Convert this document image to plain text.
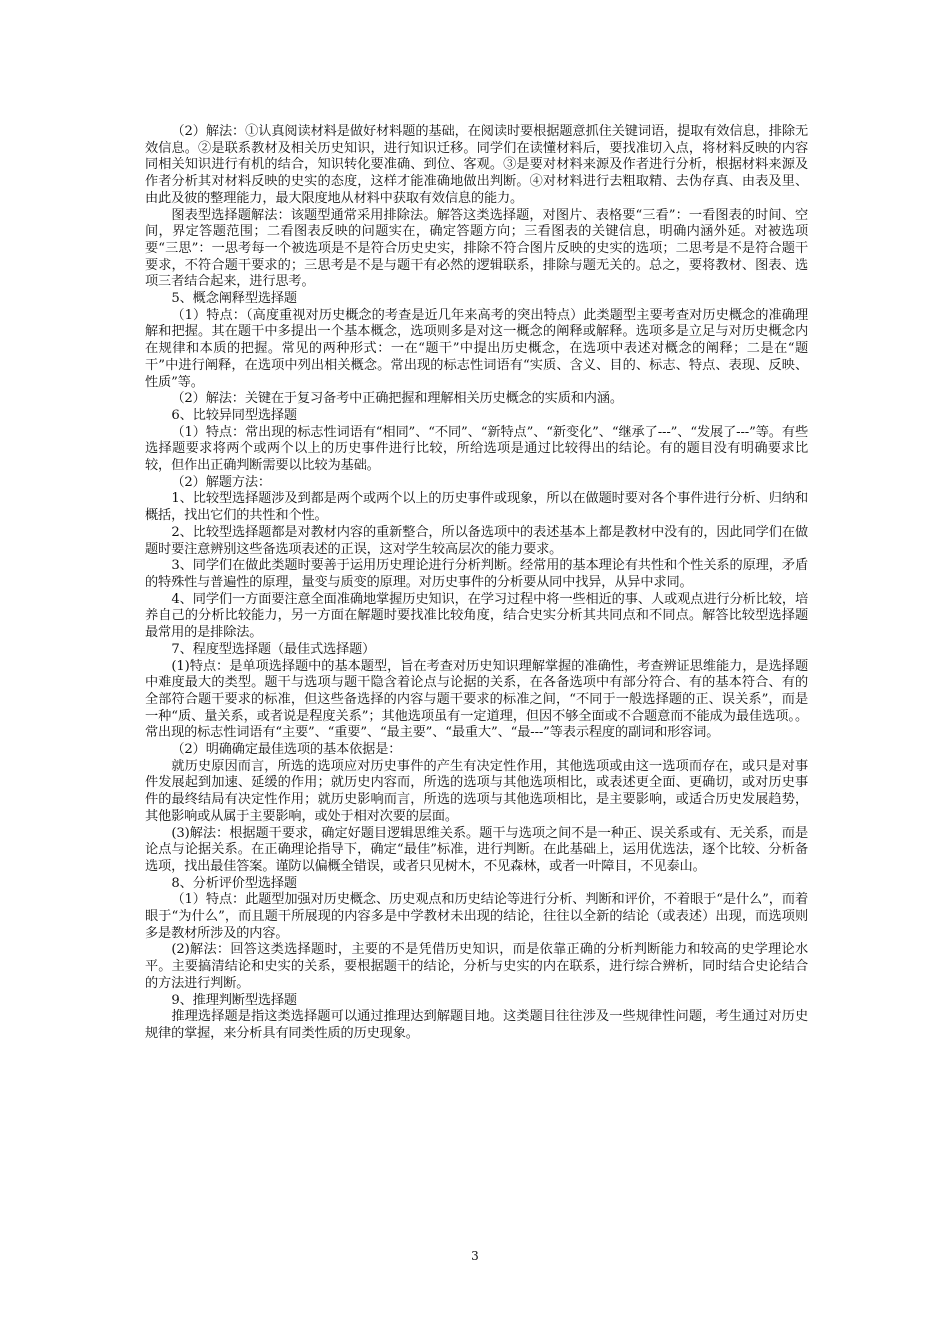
（2）解法：①认真阅读材料是做好材料题的基础，在阅读时要根据题意抓住关键词语，提取有效信息，排除无效信息。②是联系教材及相关历史知识，进行知识迁移。同学们在读懂材料后，要找准切入点，将材料反映的内容同相关知识进行有机的结合，知识转化要准确、到位、客观。③是要对材料来源及作者进行分析，根据材料来源及作者分析其对材料反映的史实的态度，这样才能准确地做出判断。④对材料进行去粗取精、去伪存真、由表及里、由此及彼的整理能力，最大限度地从材料中获取有效信息的能力。

图表型选择题解法：该题型通常采用排除法。解答这类选择题，对图片、表格要“三看”：一看图表的时间、空间，界定答题范围；二看图表反映的问题实在，确定答题方向；三看图表的关键信息，明确内涵外延。对被选项要“三思”：一思考每一个被选项是不是符合历史史实，排除不符合图片反映的史实的选项；二思考是不是符合题干要求，不符合题干要求的；三思考是不是与题干有必然的逻辑联系，排除与题无关的。总之，要将教材、图表、选项三者结合起来，进行思考。

5、概念阐释型选择题

（1）特点：（高度重视对历史概念的考查是近几年来高考的突出特点）此类题型主要考查对历史概念的准确理解和把握。其在题干中多提出一个基本概念，选项则多是对这一概念的阐释或解释。选项多是立足与对历史概念内在规律和本质的把握。常见的两种形式：一在“题干”中提出历史概念，在选项中表述对概念的阐释；二是在“题干”中进行阐释，在选项中列出相关概念。常出现的标志性词语有“实质、含义、目的、标志、特点、表现、反映、性质”等。

（2）解法：关键在于复习备考中正确把握和理解相关历史概念的实质和内涵。

6、比较异同型选择题

（1）特点：常出现的标志性词语有“相同”、“不同”、“新特点”、“新变化”、“继承了---”、“发展了---”等。有些选择题要求将两个或两个以上的历史事件进行比较，所给选项是通过比较得出的结论。有的题目没有明确要求比较，但作出正确判断需要以比较为基础。

（2）解题方法：

1、比较型选择题涉及到都是两个或两个以上的历史事件或现象，所以在做题时要对各个事件进行分析、归纳和概括，找出它们的共性和个性。

2、比较型选择题都是对教材内容的重新整合，所以备选项中的表述基本上都是教材中没有的，因此同学们在做题时要注意辨别这些备选项表述的正误，这对学生较高层次的能力要求。

3、同学们在做此类题时要善于运用历史理论进行分析判断。经常用的基本理论有共性和个性关系的原理，矛盾的特殊性与普遍性的原理，量变与质变的原理。对历史事件的分析要从同中找异，从异中求同。

4、同学们一方面要注意全面准确地掌握历史知识，在学习过程中将一些相近的事、人或观点进行分析比较，培养自己的分析比较能力，另一方面在解题时要找准比较角度，结合史实分析其共同点和不同点。解答比较型选择题最常用的是排除法。

7、程度型选择题（最佳式选择题）

(1)特点：是单项选择题中的基本题型，旨在考查对历史知识理解掌握的准确性，考查辨证思维能力，是选择题中难度最大的类型。题干与选项与题干隐含着论点与论据的关系，在各备选项中有部分符合、有的基本符合、有的全部符合题干要求的标准，但这些备选择的内容与题干要求的标准之间，“不同于一般选择题的正、误关系”，而是一种“质、量关系，或者说是程度关系”；其他选项虽有一定道理，但因不够全面或不合题意而不能成为最佳选项。。常出现的标志性词语有“主要”、“重要”、“最主要”、“最重大”、“最---”等表示程度的副词和形容词。

（2）明确确定最佳选项的基本依据是：

就历史原因而言，所选的选项应对历史事件的产生有决定性作用，其他选项或由这一选项而存在，或只是对事件发展起到加速、延缓的作用；就历史内容而，所选的选项与其他选项相比，或表述更全面、更确切，或对历史事件的最终结局有决定性作用；就历史影响而言，所选的选项与其他选项相比，是主要影响，或适合历史发展趋势，其他影响或从属于主要影响，或处于相对次要的层面。

(3)解法：根据题干要求，确定好题目逻辑思维关系。题干与选项之间不是一种正、误关系或有、无关系，而是论点与论据关系。在正确理论指导下，确定“最佳”标准，进行判断。在此基础上，运用优选法，逐个比较、分析备选项，找出最佳答案。谨防以偏概全错误，或者只见树木，不见森林，或者一叶障目，不见泰山。

8、分析评价型选择题

（1）特点：此题型加强对历史概念、历史观点和历史结论等进行分析、判断和评价，不着眼于“是什么”，而着眼于“为什么”，而且题干所展现的内容多是中学教材未出现的结论，往往以全新的结论（或表述）出现，而选项则多是教材所涉及的内容。

(2)解法：回答这类选择题时，主要的不是凭借历史知识，而是依靠正确的分析判断能力和较高的史学理论水平。主要搞清结论和史实的关系，要根据题干的结论，分析与史实的内在联系，进行综合辨析，同时结合史论结合的方法进行判断。

9、推理判断型选择题

推理选择题是指这类选择题可以通过推理达到解题目地。这类题目往往涉及一些规律性问题，考生通过对历史规律的掌握，来分析具有同类性质的历史现象。

3
